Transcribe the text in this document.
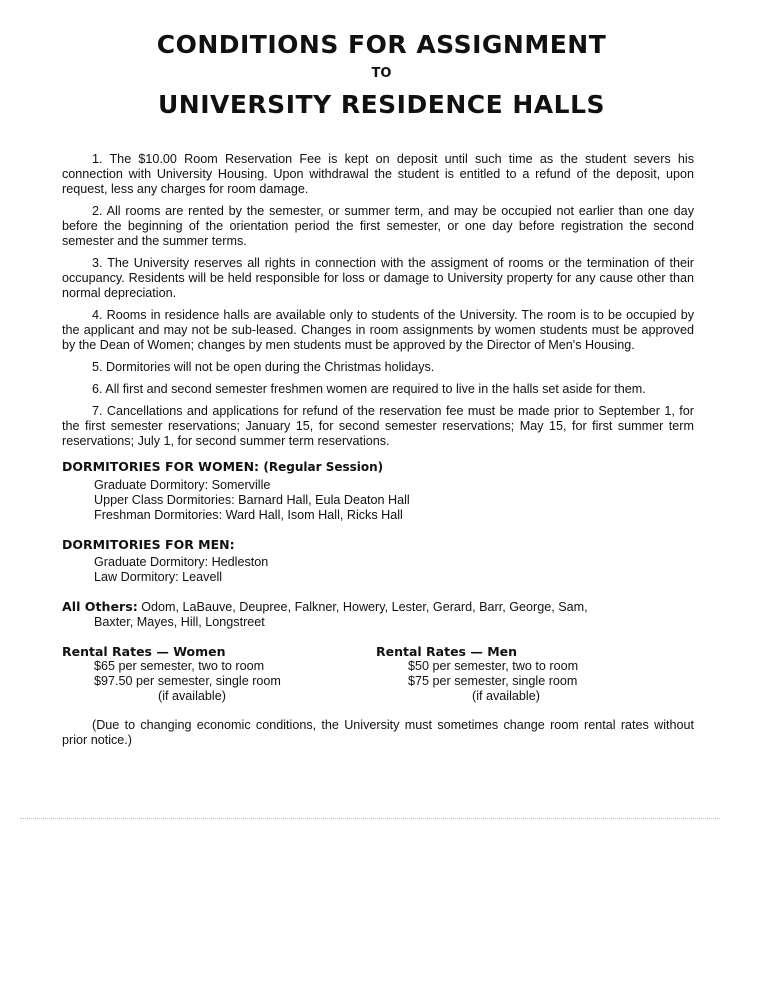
CONDITIONS FOR ASSIGNMENT
TO
UNIVERSITY RESIDENCE HALLS

1. The $10.00 Room Reservation Fee is kept on deposit until such time as the student severs his connection with University Housing. Upon withdrawal the student is entitled to a refund of the deposit, upon request, less any charges for room damage.

2. All rooms are rented by the semester, or summer term, and may be occupied not earlier than one day before the beginning of the orientation period the first semester, or one day before registration the second semester and the summer terms.

3. The University reserves all rights in connection with the assigment of rooms or the termination of their occupancy. Residents will be held responsible for loss or damage to University property for any cause other than normal depreciation.

4. Rooms in residence halls are available only to students of the University. The room is to be occupied by the applicant and may not be sub-leased. Changes in room assignments by women students must be approved by the Dean of Women; changes by men students must be approved by the Director of Men's Housing.

5. Dormitories will not be open during the Christmas holidays.

6. All first and second semester freshmen women are required to live in the halls set aside for them.

7. Cancellations and applications for refund of the reservation fee must be made prior to September 1, for the first semester reservations; January 15, for second semester reservations; May 15, for first summer term reservations; July 1, for second summer term reservations.

DORMITORIES FOR WOMEN: (Regular Session)
Graduate Dormitory: Somerville
Upper Class Dormitories: Barnard Hall, Eula Deaton Hall
Freshman Dormitories: Ward Hall, Isom Hall, Ricks Hall
DORMITORIES FOR MEN:
Graduate Dormitory: Hedleston
Law Dormitory: Leavell
All Others: Odom, LaBauve, Deupree, Falkner, Howery, Lester, Gerard, Barr, George, Sam,
Baxter, Mayes, Hill, Longstreet
Rental Rates — Women
$65 per semester, two to room
$97.50 per semester, single room
(if available)
Rental Rates — Men
$50 per semester, two to room
$75 per semester, single room
(if available)

(Due to changing economic conditions, the University must sometimes change room rental rates without prior notice.)
